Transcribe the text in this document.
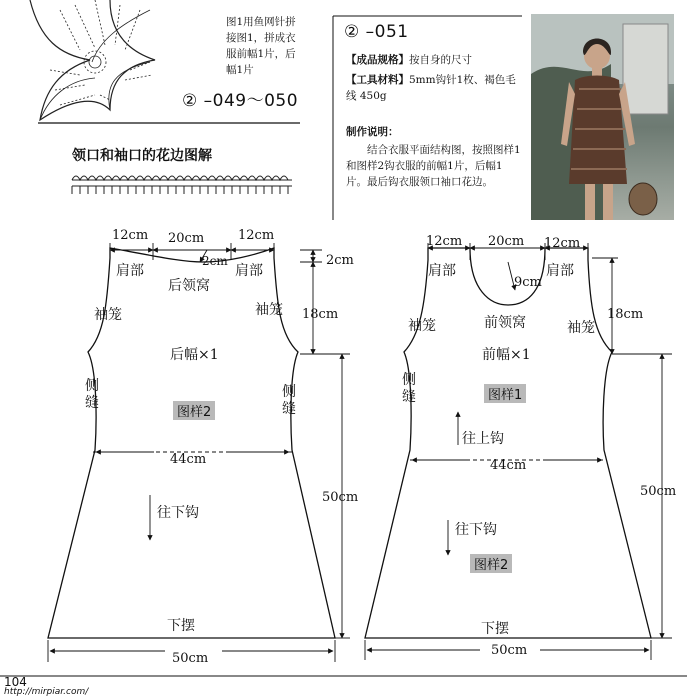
图1用鱼网针拼接图1，拼成衣服前幅1片，后幅1片
② –049～050
领口和袖口的花边图解
② –051
【成品规格】按自身的尺寸
【工具材料】5mm钩针1枚、褐色毛线 450g
制作说明：
结合衣服平面结构图，按照图样1和图样2钩衣服的前幅1片，后幅1片。最后钩衣服领口袖口花边。
12cm 20cm	12cm
2cm	2cm
18cm
44cm
50cm
50cm
肩部	肩部
后领窝
袖笼	袖笼
后幅×1
侧缝
侧缝
图样2
往下钩
下摆
12cm 20cm 12cm
9cm
18cm
44cm
50cm
50cm
肩部	肩部
前领窝
袖笼	袖笼
前幅×1
侧缝	图样1
往上钩
往下钩
图样2
下摆
104
http://mirpiar.com/
